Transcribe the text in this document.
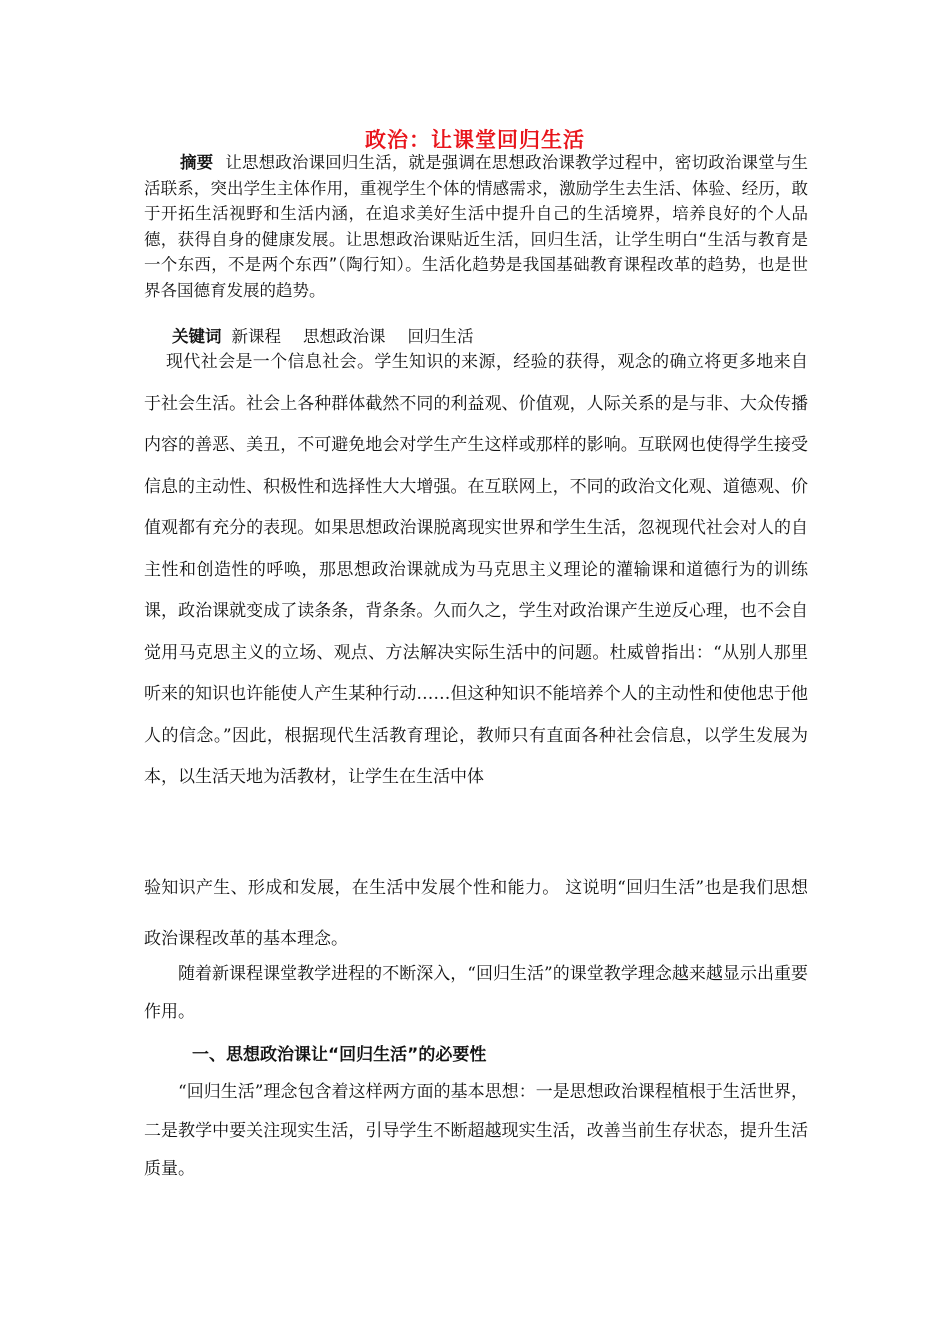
政治：让课堂回归生活

摘要 让思想政治课回归生活，就是强调在思想政治课教学过程中，密切政治课堂与生活联系，突出学生主体作用，重视学生个体的情感需求，激励学生去生活、体验、经历，敢于开拓生活视野和生活内涵，在追求美好生活中提升自己的生活境界，培养良好的个人品德，获得自身的健康发展。让思想政治课贴近生活，回归生活，让学生明白“生活与教育是一个东西，不是两个东西”（陶行知）。生活化趋势是我国基础教育课程改革的趋势，也是世界各国德育发展的趋势。

关键词 新课程 思想政治课 回归生活

现代社会是一个信息社会。学生知识的来源，经验的获得，观念的确立将更多地来自于社会生活。社会上各种群体截然不同的利益观、价值观，人际关系的是与非、大众传播内容的善恶、美丑，不可避免地会对学生产生这样或那样的影响。互联网也使得学生接受信息的主动性、积极性和选择性大大增强。在互联网上，不同的政治文化观、道德观、价值观都有充分的表现。如果思想政治课脱离现实世界和学生生活，忽视现代社会对人的自主性和创造性的呼唤，那思想政治课就成为马克思主义理论的灌输课和道德行为的训练课，政治课就变成了读条条，背条条。久而久之，学生对政治课产生逆反心理，也不会自觉用马克思主义的立场、观点、方法解决实际生活中的问题。杜威曾指出：“从别人那里听来的知识也许能使人产生某种行动……但这种知识不能培养个人的主动性和使他忠于他人的信念。”因此，根据现代生活教育理论，教师只有直面各种社会信息，以学生发展为本，以生活天地为活教材，让学生在生活中体

验知识产生、形成和发展，在生活中发展个性和能力。 这说明“回归生活”也是我们思想政治课程改革的基本理念。

随着新课程课堂教学进程的不断深入，“回归生活”的课堂教学理念越来越显示出重要作用。

一、思想政治课让“回归生活”的必要性

“回归生活”理念包含着这样两方面的基本思想：一是思想政治课程植根于生活世界，二是教学中要关注现实生活，引导学生不断超越现实生活，改善当前生存状态，提升生活质量。
